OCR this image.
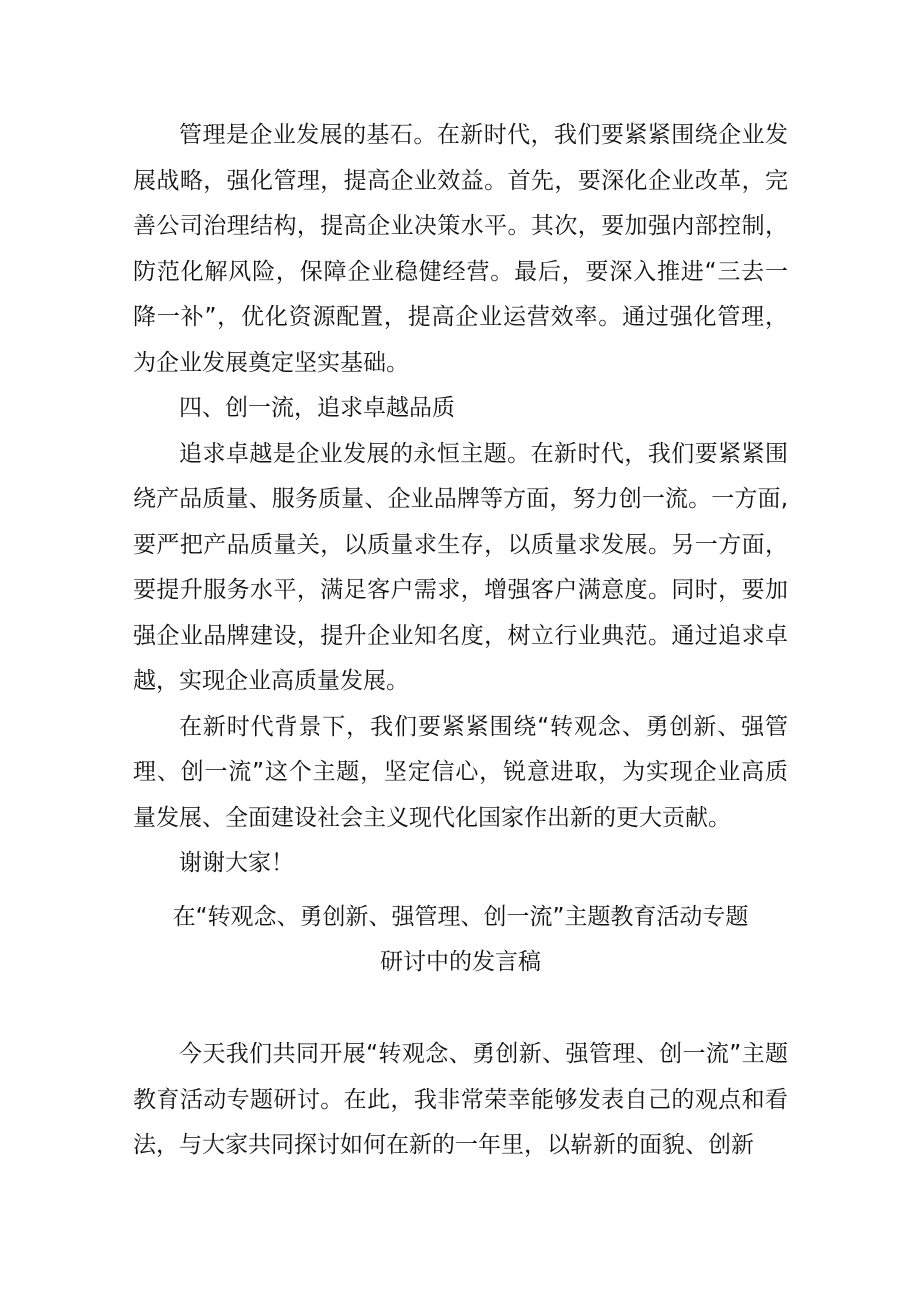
管理是企业发展的基石。在新时代，我们要紧紧围绕企业发展战略，强化管理，提高企业效益。首先，要深化企业改革，完善公司治理结构，提高企业决策水平。其次，要加强内部控制，防范化解风险，保障企业稳健经营。最后，要深入推进“三去一降一补”，优化资源配置，提高企业运营效率。通过强化管理，为企业发展奠定坚实基础。

四、创一流，追求卓越品质

追求卓越是企业发展的永恒主题。在新时代，我们要紧紧围绕产品质量、服务质量、企业品牌等方面，努力创一流。一方面,要严把产品质量关，以质量求生存，以质量求发展。另一方面，要提升服务水平，满足客户需求，增强客户满意度。同时，要加强企业品牌建设，提升企业知名度，树立行业典范。通过追求卓越，实现企业高质量发展。

在新时代背景下，我们要紧紧围绕“转观念、勇创新、强管理、创一流”这个主题，坚定信心，锐意进取，为实现企业高质量发展、全面建设社会主义现代化国家作出新的更大贡献。

谢谢大家！

在“转观念、勇创新、强管理、创一流”主题教育活动专题
研讨中的发言稿

今天我们共同开展“转观念、勇创新、强管理、创一流”主题教育活动专题研讨。在此，我非常荣幸能够发表自己的观点和看法，与大家共同探讨如何在新的一年里，以崭新的面貌、创新
